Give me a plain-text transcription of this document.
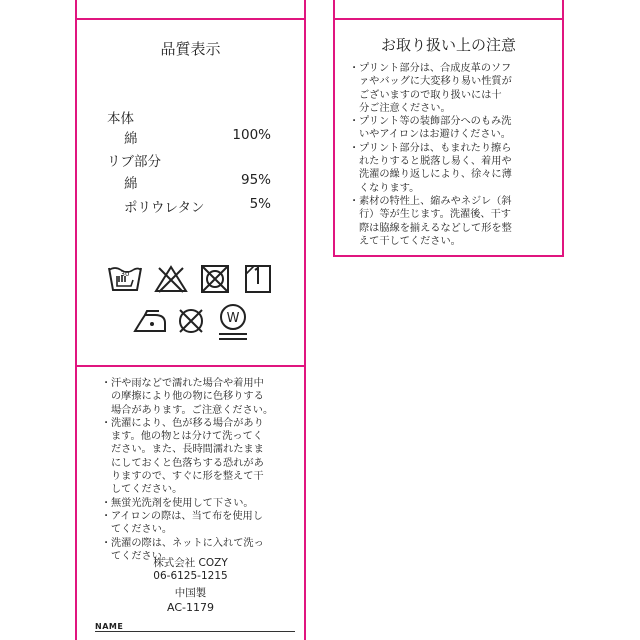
品質表示
本体
綿	100%
リブ部分
綿	95%
ポリウレタン	5%
30
W
お取り扱い上の注意
・ プリント部分は、合成皮革のソフ
ァやバッグに大変移り易い性質が
ございますので取り扱いには十
分ご注意ください。
・ プリント等の装飾部分へのもみ洗
いやアイロンはお避けください。
・ プリント部分は、もまれたり擦ら
れたりすると脱落し易く、着用や
洗濯の繰り返しにより、徐々に薄
くなります。
・ 素材の特性上、縮みやネジレ（斜
行）等が生じます。洗濯後、干す
際は脇線を揃えるなどして形を整
えて干してください。
・ 汗や雨などで濡れた場合や着用中
の摩擦により他の物に色移りする
場合があります。ご注意ください。
・ 洗濯により、色が移る場合があり
ます。他の物とは分けて洗ってく
ださい。また、長時間濡れたまま
にしておくと色落ちする恐れがあ
りますので、すぐに形を整えて干
してください。
・ 無蛍光洗剤を使用して下さい。
・ アイロンの際は、当て布を使用し
てください。
・ 洗濯の際は、ネットに入れて洗っ
てください。
株式会社 COZY
06-6125-1215
中国製
AC-1179
NAME
